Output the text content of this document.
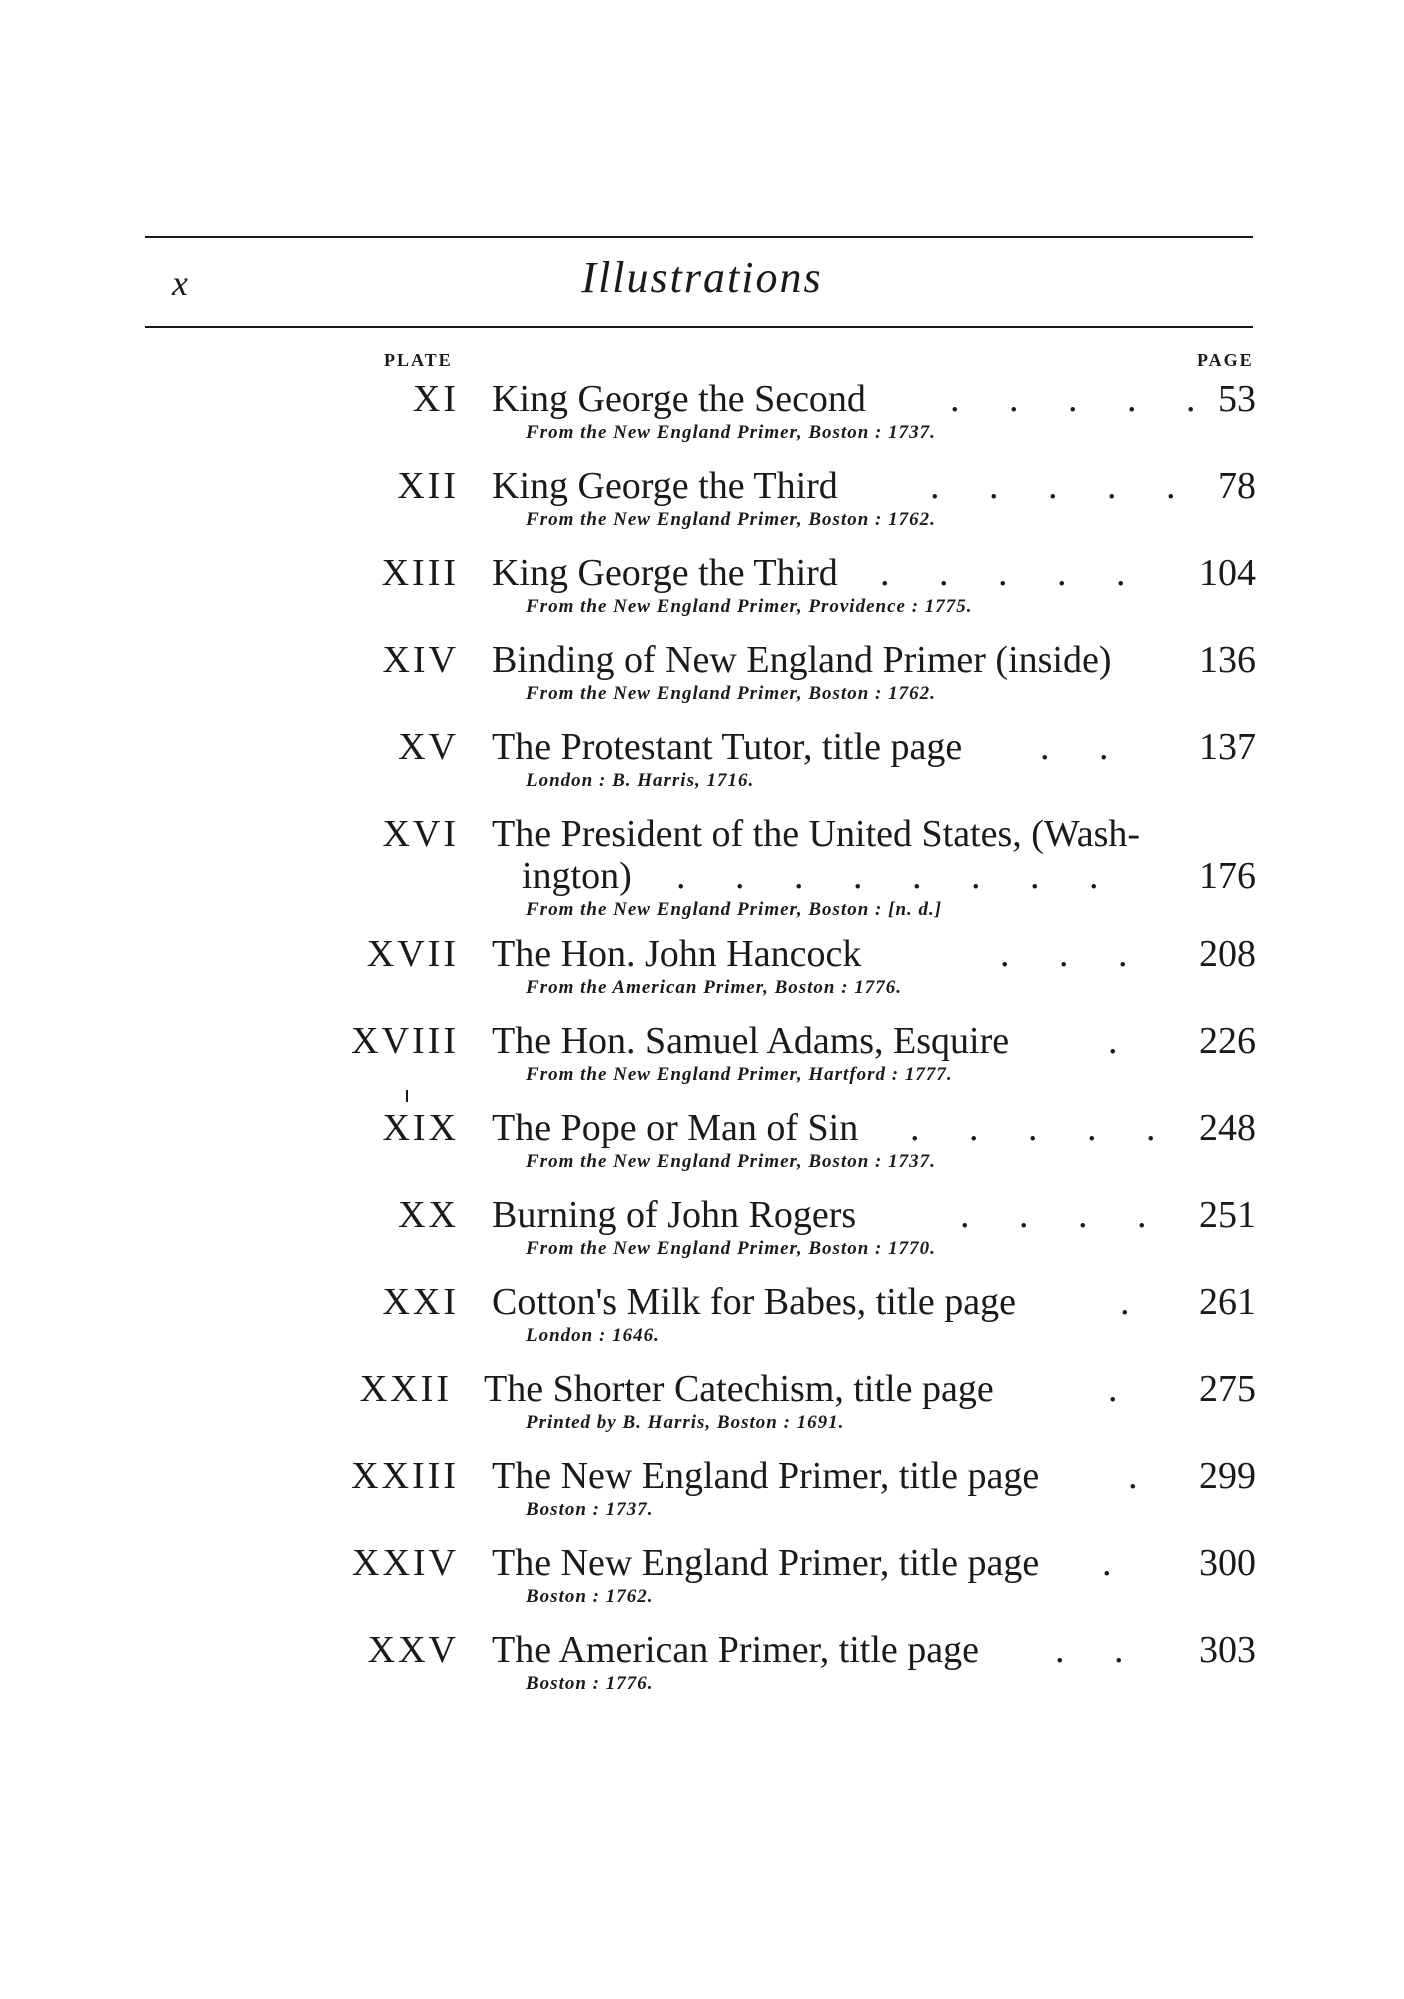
x	Illustrations
PLATE	PAGE
XI King George the Second . . . . . 53
From the New England Primer, Boston : 1737.
XII King George the Third . . . . . 78
From the New England Primer, Boston : 1762.
XIII King George the Third . . . . . 104
From the New England Primer, Providence : 1775.
XIV Binding of New England Primer (inside) 136
From the New England Primer, Boston : 1762.
XV The Protestant Tutor, title page . . 137
London : B. Harris, 1716.
XVI The President of the United States, (Wash-
ington) . . . . . . . . 176
From the New England Primer, Boston : [n. d.]
XVII The Hon. John Hancock	. . . 208
From the American Primer, Boston : 1776.
XVIII The Hon. Samuel Adams, Esquire	. 226
From the New England Primer, Hartford : 1777.
XIX The Pope or Man of Sin . . . . . 248
From the New England Primer, Boston : 1737.
XX Burning of John Rogers	. . . . 251
From the New England Primer, Boston : 1770.
XXI Cotton's Milk for Babes, title page	. 261
London : 1646.
XXII The Shorter Catechism, title page	. 275
Printed by B. Harris, Boston : 1691.
XXIII The New England Primer, title page . 299
Boston : 1737.
XXIV The New England Primer, title page . 300
Boston : 1762.
XXV The American Primer, title page . . 303
Boston : 1776.
